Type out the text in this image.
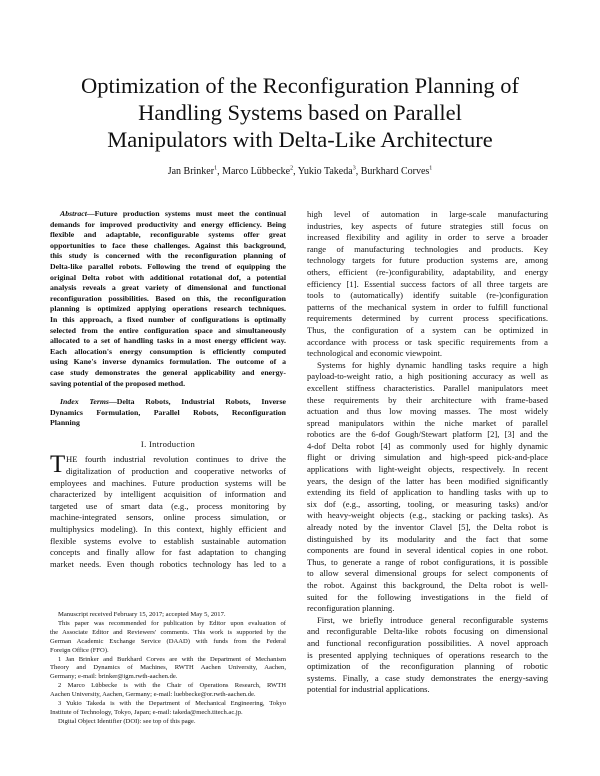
Optimization of the Reconfiguration Planning of
Handling Systems based on Parallel
Manipulators with Delta-Like Architecture
Jan Brinker$^1$, Marco Lübbecke$^2$, Yukio Takeda$^3$, Burkhard Corves$^1$
Abstract—Future production systems must meet the continual
demands for improved productivity and energy efficiency. Being
flexible and adaptable, reconfigurable systems offer great
opportunities to face these challenges. Against this background,
this study is concerned with the reconfiguration planning of
Delta-like parallel robots. Following the trend of equipping the
original Delta robot with additional rotational dof, a potential
analysis reveals a great variety of dimensional and functional
reconfiguration possibilities. Based on this, the reconfiguration
planning is optimized applying operations research techniques.
In this approach, a fixed number of configurations is optimally
selected from the entire configuration space and simultaneously
allocated to a set of handling tasks in a most energy efficient way.
Each allocation's energy consumption is efficiently computed
using Kane's inverse dynamics formulation. The outcome of a
case study demonstrates the general applicability and energy-
saving potential of the proposed method.
Index Terms—Delta Robots, Industrial Robots, Inverse
Dynamics Formulation, Parallel Robots, Reconfiguration
Planning
I. Introduction
T HE fourth industrial revolution continues to drive the
digitalization of production and cooperative networks of
employees and machines. Future production systems will be
characterized by intelligent acquisition of information and
targeted use of smart data (e.g., process monitoring by
machine-integrated sensors, online process simulation, or
multiphysics modeling). In this context, highly efficient and
flexible systems evolve to establish sustainable automation
concepts and finally allow for fast adaptation to changing
market needs. Even though robotics technology has led to a
Manuscript received February 15, 2017; accepted May 5, 2017.
This paper was recommended for publication by Editor upon evaluation of
the Associate Editor and Reviewers' comments. This work is supported by the
German Academic Exchange Service (DAAD) with funds from the Federal
Foreign Office (FFO).
1 Jan Brinker and Burkhard Corves are with the Department of Mechanism
Theory and Dynamics of Machines, RWTH Aachen University, Aachen,
Germany; e-mail: brinker@igm.rwth-aachen.de.
2 Marco Lübbecke is with the Chair of Operations Research, RWTH
Aachen University, Aachen, Germany; e-mail: luebbecke@or.rwth-aachen.de.
3 Yukio Takeda is with the Department of Mechanical Engineering, Tokyo
Institute of Technology, Tokyo, Japan; e-mail: takeda@mech.titech.ac.jp.
Digital Object Identifier (DOI): see top of this page.
high level of automation in large-scale manufacturing
industries, key aspects of future strategies still focus on
increased flexibility and agility in order to serve a broader
range of manufacturing technologies and products. Key
technology targets for future production systems are, among
others, efficient (re-)configurability, adaptability, and energy
efficiency [1]. Essential success factors of all three targets are
tools to (automatically) identify suitable (re-)configuration
patterns of the mechanical system in order to fulfill functional
requirements determined by current process specifications.
Thus, the configuration of a system can be optimized in
accordance with process or task specific requirements from a
technological and economic viewpoint.
Systems for highly dynamic handling tasks require a high
payload-to-weight ratio, a high positioning accuracy as well as
excellent stiffness characteristics. Parallel manipulators meet
these requirements by their architecture with frame-based
actuation and thus low moving masses. The most widely
spread manipulators within the niche market of parallel
robotics are the 6-dof Gough/Stewart platform [2], [3] and the
4-dof Delta robot [4] as commonly used for highly dynamic
flight or driving simulation and high-speed pick-and-place
applications with light-weight objects, respectively. In recent
years, the design of the latter has been modified significantly
extending its field of application to handling tasks with up to
six dof (e.g., assorting, tooling, or measuring tasks) and/or
with heavy-weight objects (e.g., stacking or packing tasks). As
already noted by the inventor Clavel [5], the Delta robot is
distinguished by its modularity and the fact that some
components are found in several identical copies in one robot.
Thus, to generate a range of robot configurations, it is possible
to allow several dimensional groups for select components of
the robot. Against this background, the Delta robot is well-
suited for the following investigations in the field of
reconfiguration planning.
First, we briefly introduce general reconfigurable systems
and reconfigurable Delta-like robots focusing on dimensional
and functional reconfiguration possibilities. A novel approach
is presented applying techniques of operations research to the
optimization of the reconfiguration planning of robotic
systems. Finally, a case study demonstrates the energy-saving
potential for industrial applications.
